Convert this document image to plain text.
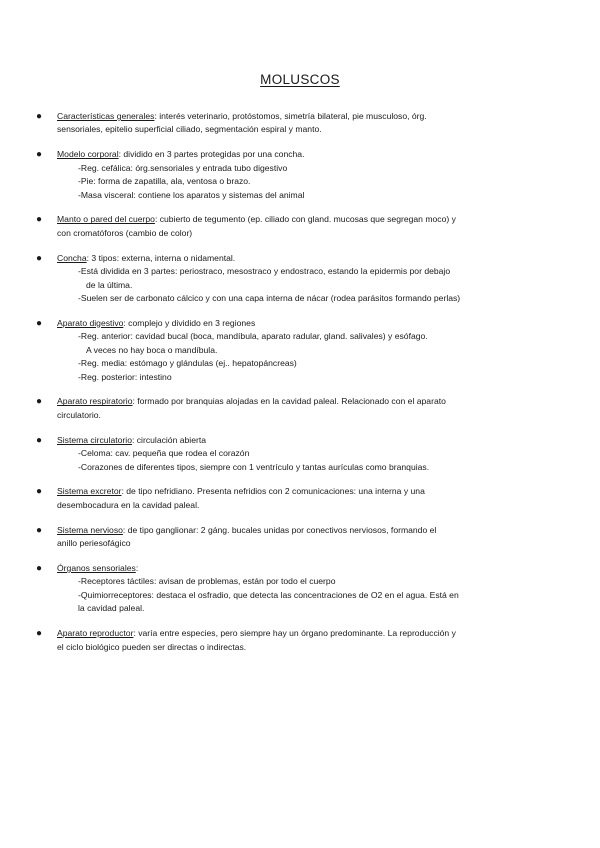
MOLUSCOS
● Características generales: interés veterinario, protóstomos, simetría bilateral, pie musculoso, órg.
sensoriales, epitelio superficial ciliado, segmentación espiral y manto.
● Modelo corporal: dividido en 3 partes protegidas por una concha.
-Reg. cefálica: órg.sensoriales y entrada tubo digestivo
-Pie: forma de zapatilla, ala, ventosa o brazo.
-Masa visceral: contiene los aparatos y sistemas del animal
● Manto o pared del cuerpo: cubierto de tegumento (ep. ciliado con gland. mucosas que segregan moco) y
con cromatóforos (cambio de color)
● Concha: 3 tipos: externa, interna o nidamental.
-Está dividida en 3 partes: periostraco, mesostraco y endostraco, estando la epidermis por debajo
de la última.
-Suelen ser de carbonato cálcico y con una capa interna de nácar (rodea parásitos formando perlas)
● Aparato digestivo: complejo y dividido en 3 regiones
-Reg. anterior: cavidad bucal (boca, mandíbula, aparato radular, gland. salivales) y esófago.
A veces no hay boca o mandíbula.
-Reg. media: estómago y glándulas (ej.. hepatopáncreas)
-Reg. posterior: intestino
● Aparato respiratorio: formado por branquias alojadas en la cavidad paleal. Relacionado con el aparato
circulatorio.
● Sistema circulatorio: circulación abierta
-Celoma: cav. pequeña que rodea el corazón
-Corazones de diferentes tipos, siempre con 1 ventrículo y tantas aurículas como branquias.
● Sistema excretor: de tipo nefridiano. Presenta nefridios con 2 comunicaciones: una interna y una
desembocadura en la cavidad paleal.
● Sistema nervioso: de tipo ganglionar: 2 gáng. bucales unidas por conectivos nerviosos, formando el
anillo periesofágico
● Órganos sensoriales:
-Receptores táctiles: avisan de problemas, están por todo el cuerpo
-Quimiorreceptores: destaca el osfradio, que detecta las concentraciones de O2 en el agua. Está en
la cavidad paleal.
● Aparato reproductor: varía entre especies, pero siempre hay un órgano predominante. La reproducción y
el ciclo biológico pueden ser directas o indirectas.
